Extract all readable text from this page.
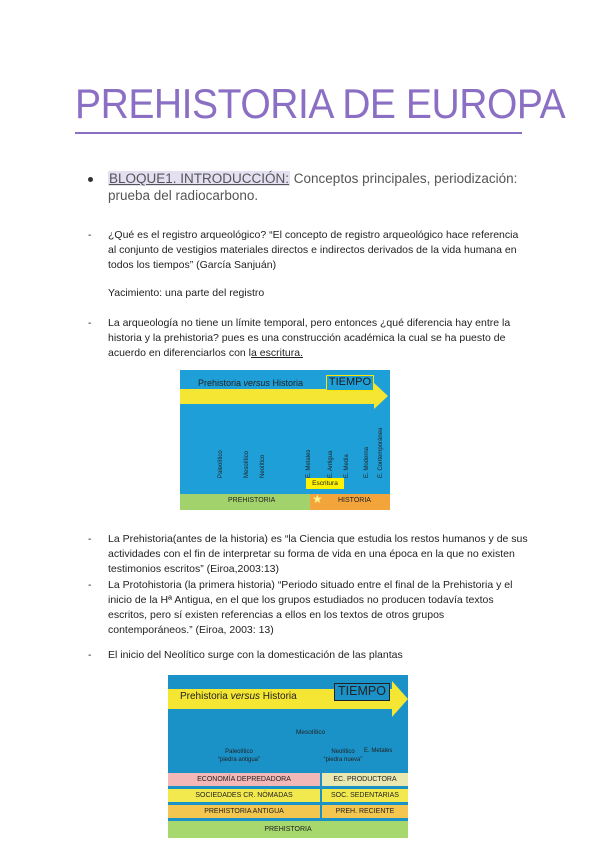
PREHISTORIA DE EUROPA
BLOQUE1. INTRODUCCIÓN: Conceptos principales, periodización: prueba del radiocarbono.
- ¿Qué es el registro arqueológico? “El concepto de registro arqueológico hace referencia al conjunto de vestigios materiales directos e indirectos derivados de la vida humana en todos los tiempos” (García Sanjuán)
Yacimiento: una parte del registro
- La arqueología no tiene un límite temporal, pero entonces ¿qué diferencia hay entre la historia y la prehistoria? pues es una construcción académica la cual se ha puesto de acuerdo en diferenciarlos con la escritura.
Prehistoria versus Historia TIEMPO
Paleolítico	Mesolítico Neolítico	E. Metales	E. Antigua E. Media E. Moderna E. Contemporánea
Escritura
PREHISTORIA	★ HISTORIA
- La Prehistoria(antes de la historia) es “la Ciencia que estudia los restos humanos y de sus actividades con el fin de interpretar su forma de vida en una época en la que no existen testimonios escritos” (Eiroa,2003:13)
- La Protohistoria (la primera historia) “Periodo situado entre el final de la Prehistoria y el inicio de la Hª Antigua, en el que los grupos estudiados no producen todavía textos escritos, pero sí existen referencias a ellos en los textos de otros grupos contemporáneos.” (Eiroa, 2003: 13)
- El inicio del Neolítico surge con la domesticación de las plantas
Prehistoria versus Historia	TIEMPO
Mesolítico
Paleolítico
“piedra antigua”
Neolítico
“piedra nueva”
E. Metales
ECONOMÍA DEPREDADORA	EC. PRODUCTORA
SOCIEDADES CR. NÓMADAS	SOC. SEDENTARIAS
PREHISTORIA ANTIGUA	PREH. RECIENTE
PREHISTORIA
